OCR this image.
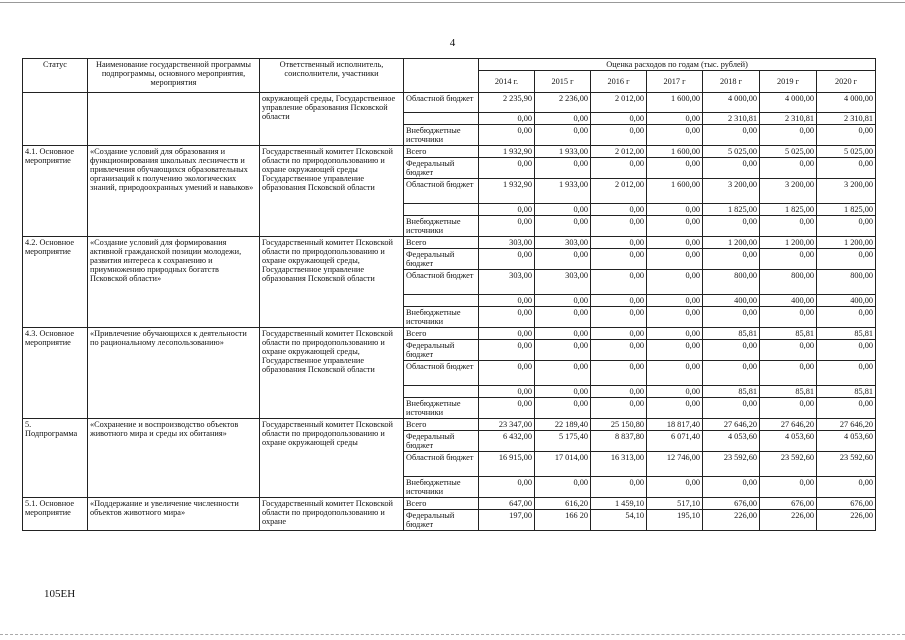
4
Статус	Наименование государственной программы подпрограммы, основного мероприятия, мероприятия	Ответственный исполнитель, соисполнители, участники		Оценка расходов по годам (тыс. рублей)						
				2014 г.	2015 г	2016 г	2017 г	2018 г	2019 г	2020 г
		окружающей среды, Государственное управление образования Псковской области	Областной бюджет	2 235,90	2 236,00	2 012,00	1 600,00	4 000,00	4 000,00	4 000,00
				0,00	0,00	0,00	0,00	2 310,81	2 310,81	2 310,81
			Внебюджетные источники	0,00	0,00	0,00	0,00	0,00	0,00	0,00
4.1. Основное мероприятие	«Создание условий для образования и функционирования школьных лесничеств и привлечения обучающихся образовательных организаций к получению экологических знаний, природоохранных умений и навыков»	Государственный комитет Псковской области по природопользованию и охране окружающей среды Государственное управление образования Псковской области	Всего	1 932,90	1 933,00	2 012,00	1 600,00	5 025,00	5 025,00	5 025,00
			Федеральный бюджет	0,00	0,00	0,00	0,00	0,00	0,00	0,00
			Областной бюджет	1 932,90	1 933,00	2 012,00	1 600,00	3 200,00	3 200,00	3 200,00
				0,00	0,00	0,00	0,00	1 825,00	1 825,00	1 825,00
			Внебюджетные источники	0,00	0,00	0,00	0,00	0,00	0,00	0,00
4.2. Основное мероприятие	«Создание условий для формирования активной гражданской позиции молодежи, развития интереса к сохранению и приумножению природных богатств Псковской области»	Государственный комитет Псковской области по природопользованию и охране окружающей среды, Государственное управление образования Псковской области	Всего	303,00	303,00	0,00	0,00	1 200,00	1 200,00	1 200,00
			Федеральный бюджет	0,00	0,00	0,00	0,00	0,00	0,00	0,00
			Областной бюджет	303,00	303,00	0,00	0,00	800,00	800,00	800,00
				0,00	0,00	0,00	0,00	400,00	400,00	400,00
			Внебюджетные источники	0,00	0,00	0,00	0,00	0,00	0,00	0,00
4.3. Основное мероприятие	«Привлечение обучающихся к деятельности по рациональному лесопользованию»	Государственный комитет Псковской области по природопользованию и охране окружающей среды, Государственное управление образования Псковской области	Всего	0,00	0,00	0,00	0,00	85,81	85,81	85,81
			Федеральный бюджет	0,00	0,00	0,00	0,00	0,00	0,00	0,00
			Областной бюджет	0,00	0,00	0,00	0,00	0,00	0,00	0,00
				0,00	0,00	0,00	0,00	85,81	85,81	85,81
			Внебюджетные источники	0,00	0,00	0,00	0,00	0,00	0,00	0,00
5. Подпрограмма	«Сохранение и воспроизводство объектов животного мира и среды их обитания»	Государственный комитет Псковской области по природопользованию и охране окружающей среды	Всего	23 347,00	22 189,40	25 150,80	18 817,40	27 646,20	27 646,20	27 646,20
			Федеральный бюджет	6 432,00	5 175,40	8 837,80	6 071,40	4 053,60	4 053,60	4 053,60
			Областной бюджет	16 915,00	17 014,00	16 313,00	12 746,00	23 592,60	23 592,60	23 592,60
			Внебюджетные источники	0,00	0,00	0,00	0,00	0,00	0,00	0,00
5.1. Основное мероприятие	«Поддержание и увеличение численности объектов животного мира»	Государственный комитет Псковской области по природопользованию и охране	Всего	647,00	616,20	1 459,10	517,10	676,00	676,00	676,00
			Федеральный бюджет	197,00	166 20	54,10	195,10	226,00	226,00	226,00
105ЕН
